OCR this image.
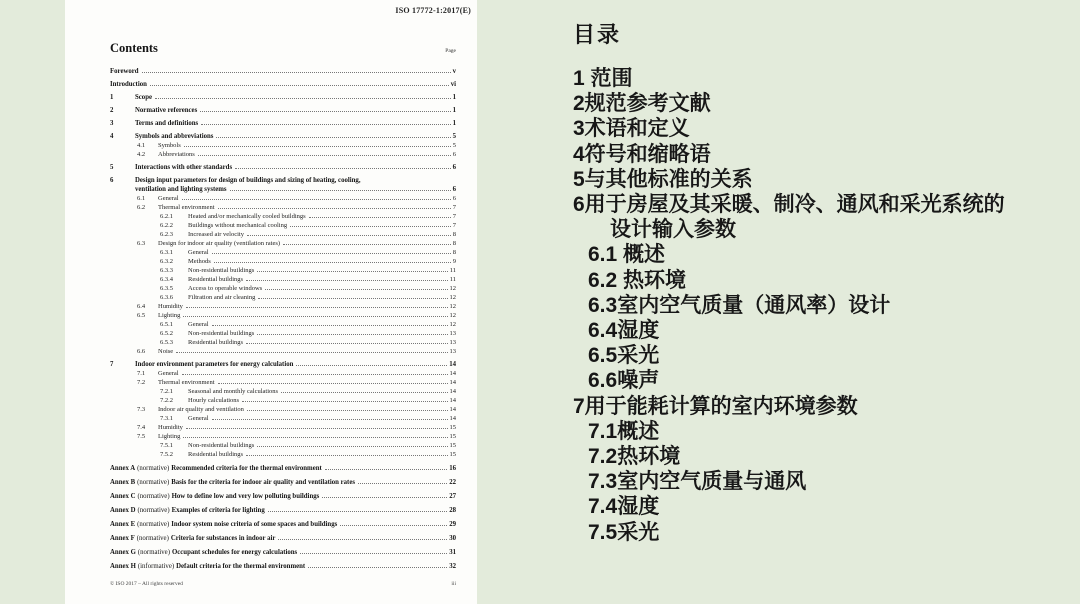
ISO 17772-1:2017(E)
Contents	Page
Foreword	v
Introduction	vi
1	Scope	1
2	Normative references	1
3	Terms and definitions	1
4	Symbols and abbreviations	5
4.1	Symbols	5
4.2	Abbreviations	6
5	Interactions with other standards	6
6	Design input parameters for design of buildings and sizing of heating, cooling,
ventilation and lighting systems	6
6.1	General	6
6.2	Thermal environment	7
6.2.1	Heated and/or mechanically cooled buildings	7
6.2.2	Buildings without mechanical cooling	7
6.2.3	Increased air velocity	8
6.3	Design for indoor air quality (ventilation rates)	8
6.3.1	General	8
6.3.2	Methods	9
6.3.3	Non-residential buildings	11
6.3.4	Residential buildings	11
6.3.5	Access to operable windows	12
6.3.6	Filtration and air cleaning	12
6.4	Humidity	12
6.5	Lighting	12
6.5.1	General	12
6.5.2	Non-residential buildings	13
6.5.3	Residential buildings	13
6.6	Noise	13
7	Indoor environment parameters for energy calculation	14
7.1	General	14
7.2	Thermal environment	14
7.2.1	Seasonal and monthly calculations	14
7.2.2	Hourly calculations	14
7.3	Indoor air quality and ventilation	14
7.3.1	General	14
7.4	Humidity	15
7.5	Lighting	15
7.5.1	Non-residential buildings	15
7.5.2	Residential buildings	15
Annex A (normative) Recommended criteria for the thermal environment	16
Annex B (normative) Basis for the criteria for indoor air quality and ventilation rates	22
Annex C (normative) How to define low and very low polluting buildings	27
Annex D (normative) Examples of criteria for lighting	28
Annex E (normative) Indoor system noise criteria of some spaces and buildings	29
Annex F (normative) Criteria for substances in indoor air	30
Annex G (normative) Occupant schedules for energy calculations	31
Annex H (informative) Default criteria for the thermal environment	32
© ISO 2017 – All rights reserved	iii
目录
1 范围
2规范参考文献
3术语和定义
4符号和缩略语
5与其他标准的关系
6用于房屋及其采暖、制冷、通风和采光系统的
设计输入参数
6.1 概述
6.2 热环境
6.3室内空气质量（通风率）设计
6.4湿度
6.5采光
6.6噪声
7用于能耗计算的室内环境参数
7.1概述
7.2热环境
7.3室内空气质量与通风
7.4湿度
7.5采光
